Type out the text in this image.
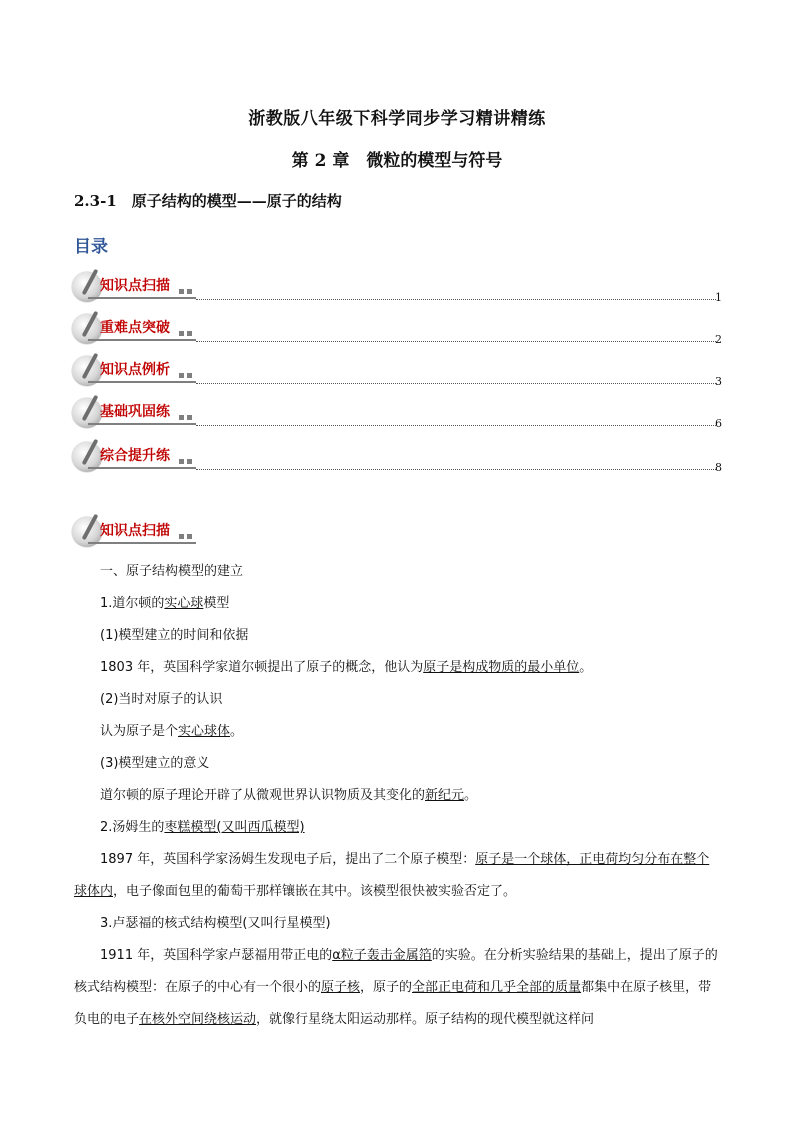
浙教版八年级下科学同步学习精讲精练
第 2 章　微粒的模型与符号
2.3-1　原子结构的模型——原子的结构
目录
知识点扫描
1
重难点突破
2
知识点例析
3
基础巩固练
6
综合提升练
8
知识点扫描

一、原子结构模型的建立

1.道尔顿的实心球模型

(1)模型建立的时间和依据

1803 年，英国科学家道尔顿提出了原子的概念，他认为原子是构成物质的最小单位。

(2)当时对原子的认识

认为原子是个实心球体。

(3)模型建立的意义

道尔顿的原子理论开辟了从微观世界认识物质及其变化的新纪元。

2.汤姆生的枣糕模型(又叫西瓜模型)

1897 年，英国科学家汤姆生发现电子后，提出了二个原子模型：原子是一个球体，正电荷均匀分布在整个球体内，电子像面包里的葡萄干那样镶嵌在其中。该模型很快被实验否定了。

3.卢瑟福的核式结构模型(又叫行星模型)

1911 年，英国科学家卢瑟福用带正电的α粒子轰击金属箔的实验。在分析实验结果的基础上，提出了原子的核式结构模型：在原子的中心有一个很小的原子核，原子的全部正电荷和几乎全部的质量都集中在原子核里，带负电的电子在核外空间绕核运动，就像行星绕太阳运动那样。原子结构的现代模型就这样问
